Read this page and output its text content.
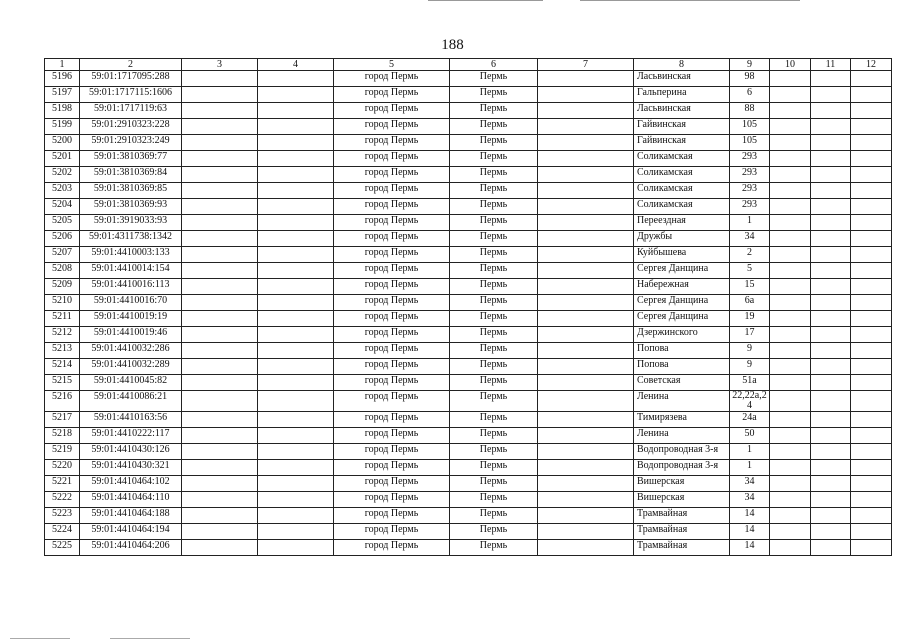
188
1	2	3	4	5	6	7	8	9	10	11	12
5196	59:01:1717095:288			город Пермь	Пермь		Ласьвинская	98			
5197	59:01:1717115:1606			город Пермь	Пермь		Гальперина	6			
5198	59:01:1717119:63			город Пермь	Пермь		Ласьвинская	88			
5199	59:01:2910323:228			город Пермь	Пермь		Гайвинская	105			
5200	59:01:2910323:249			город Пермь	Пермь		Гайвинская	105			
5201	59:01:3810369:77			город Пермь	Пермь		Соликамская	293			
5202	59:01:3810369:84			город Пермь	Пермь		Соликамская	293			
5203	59:01:3810369:85			город Пермь	Пермь		Соликамская	293			
5204	59:01:3810369:93			город Пермь	Пермь		Соликамская	293			
5205	59:01:3919033:93			город Пермь	Пермь		Переездная	1			
5206	59:01:4311738:1342			город Пермь	Пермь		Дружбы	34			
5207	59:01:4410003:133			город Пермь	Пермь		Куйбышева	2			
5208	59:01:4410014:154			город Пермь	Пермь		Сергея Данщина	5			
5209	59:01:4410016:113			город Пермь	Пермь		Набережная	15			
5210	59:01:4410016:70			город Пермь	Пермь		Сергея Данщина	6а			
5211	59:01:4410019:19			город Пермь	Пермь		Сергея Данщина	19			
5212	59:01:4410019:46			город Пермь	Пермь		Дзержинского	17			
5213	59:01:4410032:286			город Пермь	Пермь		Попова	9			
5214	59:01:4410032:289			город Пермь	Пермь		Попова	9			
5215	59:01:4410045:82			город Пермь	Пермь		Советская	51а			
5216	59:01:4410086:21			город Пермь	Пермь		Ленина	22,22а,24			
5217	59:01:4410163:56			город Пермь	Пермь		Тимирязева	24а			
5218	59:01:4410222:117			город Пермь	Пермь		Ленина	50			
5219	59:01:4410430:126			город Пермь	Пермь		Водопроводная 3-я	1			
5220	59:01:4410430:321			город Пермь	Пермь		Водопроводная 3-я	1			
5221	59:01:4410464:102			город Пермь	Пермь		Вишерская	34			
5222	59:01:4410464:110			город Пермь	Пермь		Вишерская	34			
5223	59:01:4410464:188			город Пермь	Пермь		Трамвайная	14			
5224	59:01:4410464:194			город Пермь	Пермь		Трамвайная	14			
5225	59:01:4410464:206			город Пермь	Пермь		Трамвайная	14			
